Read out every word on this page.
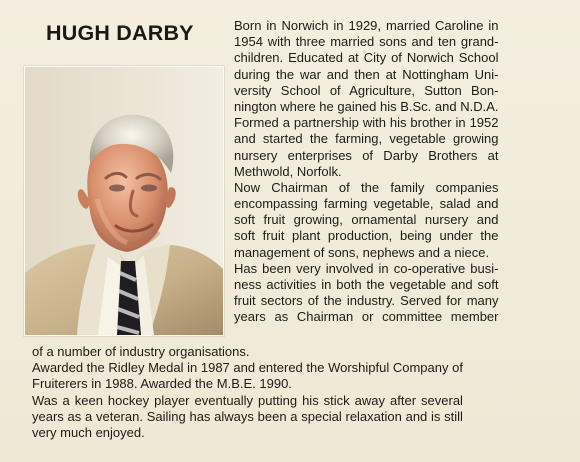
HUGH DARBY	Born in Norwich in 1929, married Caroline in
1954 with three married sons and ten grand-
children. Educated at City of Norwich School
during the war and then at Nottingham Uni-
versity School of Agriculture, Sutton Bon-
nington where he gained his B.Sc. and N.D.A.
Formed a partnership with his brother in 1952
and started the farming, vegetable growing
nursery enterprises of Darby Brothers at
Methwold, Norfolk.
Now Chairman of the family companies
encompassing farming vegetable, salad and
soft fruit growing, ornamental nursery and
soft fruit plant production, being under the
management of sons, nephews and a niece.
Has been very involved in co-operative busi-
ness activities in both the vegetable and soft
fruit sectors of the industry. Served for many
years as Chairman or committee member
of a number of industry organisations.
Awarded the Ridley Medal in 1987 and entered the Worshipful Company of
Fruiterers in 1988. Awarded the M.B.E. 1990.
Was a keen hockey player eventually putting his stick away after several
years as a veteran. Sailing has always been a special relaxation and is still
very much enjoyed.
